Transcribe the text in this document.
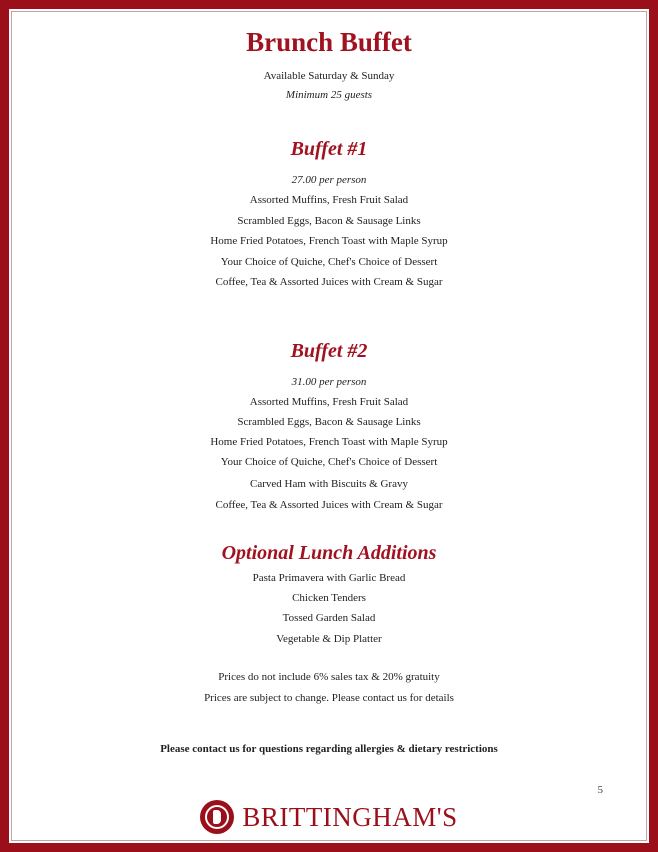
Brunch Buffet
Available Saturday & Sunday
Minimum 25 guests
Buffet #1
27.00 per person
Assorted Muffins, Fresh Fruit Salad
Scrambled Eggs, Bacon & Sausage Links
Home Fried Potatoes, French Toast with Maple Syrup
Your Choice of Quiche, Chef's Choice of Dessert
Coffee, Tea & Assorted Juices with Cream & Sugar
Buffet #2
31.00 per person
Assorted Muffins, Fresh Fruit Salad
Scrambled Eggs, Bacon & Sausage Links
Home Fried Potatoes, French Toast with Maple Syrup
Your Choice of Quiche, Chef's Choice of Dessert
Carved Ham with Biscuits & Gravy
Coffee, Tea & Assorted Juices with Cream & Sugar
Optional Lunch Additions
Pasta Primavera with Garlic Bread
Chicken Tenders
Tossed Garden Salad
Vegetable & Dip Platter
Prices do not include 6% sales tax & 20% gratuity
Prices are subject to change. Please contact us for details
Please contact us for questions regarding allergies & dietary restrictions
5
BRITTINGHAM'S
